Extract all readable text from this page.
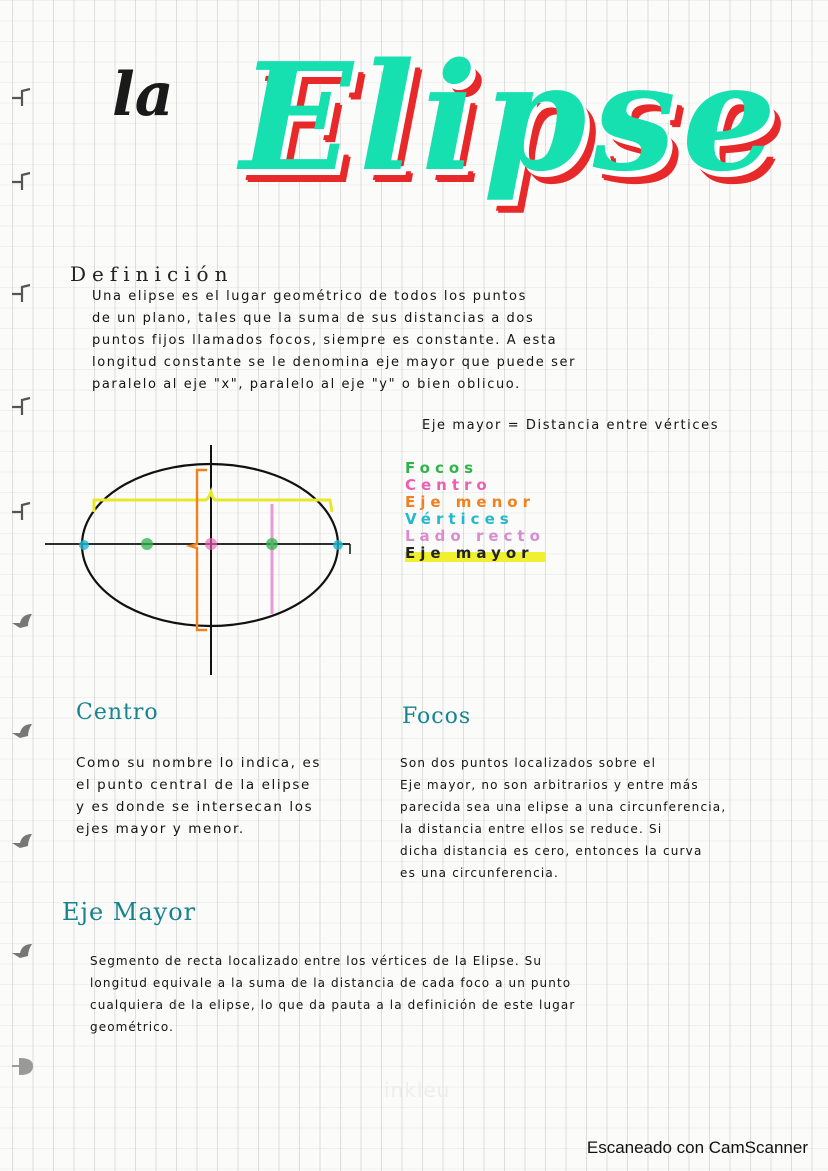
la Elipse
Definición
Una elipse es el lugar geométrico de todos los puntos
de un plano, tales que la suma de sus distancias a dos
puntos fijos llamados focos, siempre es constante. A esta
longitud constante se le denomina eje mayor que puede ser
paralelo al eje "x", paralelo al eje "y" o bien oblicuo.
Eje mayor = Distancia entre vértices
Focos
Centro
Eje menor
Vértices
Lado recto
Eje mayor
Centro
Como su nombre lo indica, es
el punto central de la elipse
y es donde se intersecan los
ejes mayor y menor.
Focos
Son dos puntos localizados sobre el
Eje mayor, no son arbitrarios y entre más
parecida sea una elipse a una circunferencia,
la distancia entre ellos se reduce. Si
dicha distancia es cero, entonces la curva
es una circunferencia.
Eje Mayor
Segmento de recta localizado entre los vértices de la Elipse. Su
longitud equivale a la suma de la distancia de cada foco a un punto
cualquiera de la elipse, lo que da pauta a la definición de este lugar
geométrico.
inkleu
Escaneado con CamScanner
